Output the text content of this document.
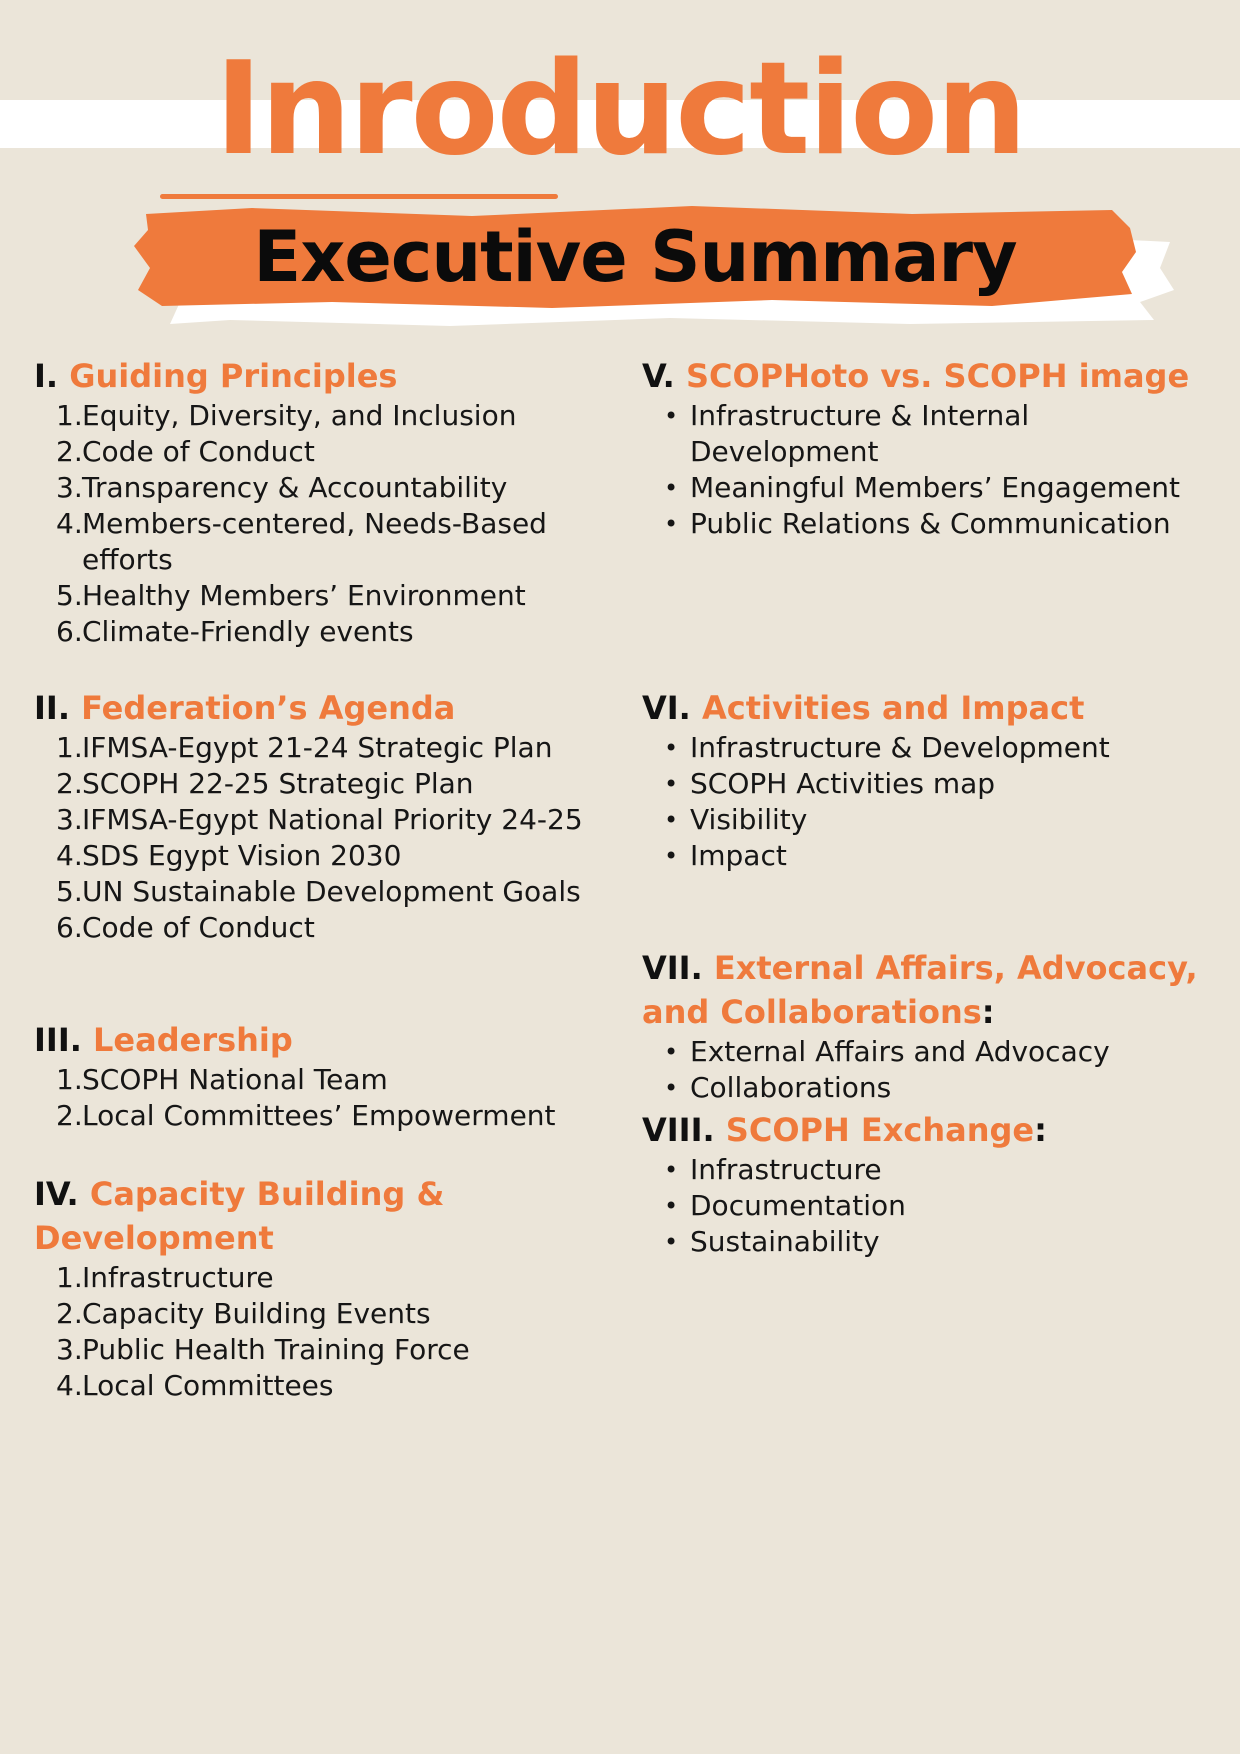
Inroduction
Executive Summary
I. Guiding Principles
1. Equity, Diversity, and Inclusion
2. Code of Conduct
3. Transparency & Accountability
4. Members-centered, Needs-Based efforts
5. Healthy Members’ Environment
6. Climate-Friendly events
II. Federation’s Agenda
1. IFMSA-Egypt 21-24 Strategic Plan
2. SCOPH 22-25 Strategic Plan
3. IFMSA-Egypt National Priority 24-25
4. SDS Egypt Vision 2030
5. UN Sustainable Development Goals
6. Code of Conduct
III. Leadership
1. SCOPH National Team
2. Local Committees’ Empowerment
IV. Capacity Building & Development
1. Infrastructure
2. Capacity Building Events
3. Public Health Training Force
4. Local Committees
V. SCOPHoto vs. SCOPH image
• Infrastructure & Internal Development
• Meaningful Members’ Engagement
• Public Relations & Communication
VI. Activities and Impact
• Infrastructure & Development
• SCOPH Activities map
• Visibility
• Impact
VII. External Affairs, Advocacy, and Collaborations:
• External Affairs and Advocacy
• Collaborations
VIII. SCOPH Exchange:
• Infrastructure
• Documentation
• Sustainability
